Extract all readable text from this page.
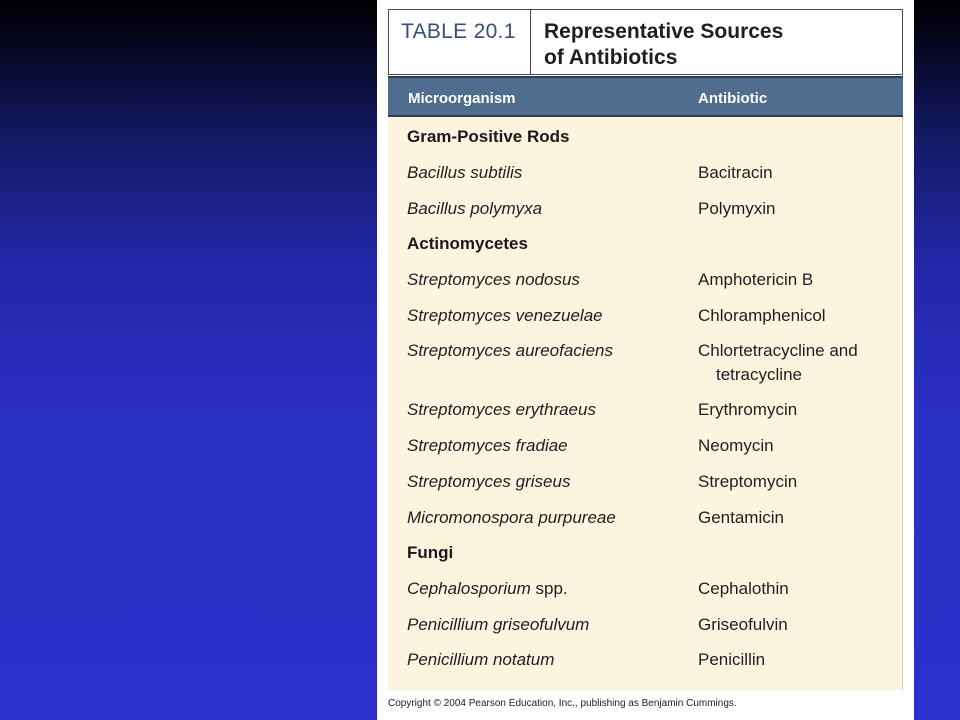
TABLE 20.1	Representative Sources
of Antibiotics
Microorganism	Antibiotic
Gram-Positive Rods
Bacillus subtilis	Bacitracin
Bacillus polymyxa	Polymyxin
Actinomycetes
Streptomyces nodosus	Amphotericin B
Streptomyces venezuelae	Chloramphenicol
Streptomyces aureofaciens	Chlortetracycline and
tetracycline
Streptomyces erythraeus	Erythromycin
Streptomyces fradiae	Neomycin
Streptomyces griseus	Streptomycin
Micromonospora purpureae	Gentamicin
Fungi
Cephalosporium spp.	Cephalothin
Penicillium griseofulvum	Griseofulvin
Penicillium notatum	Penicillin
Copyright © 2004 Pearson Education, Inc., publishing as Benjamin Cummings.
